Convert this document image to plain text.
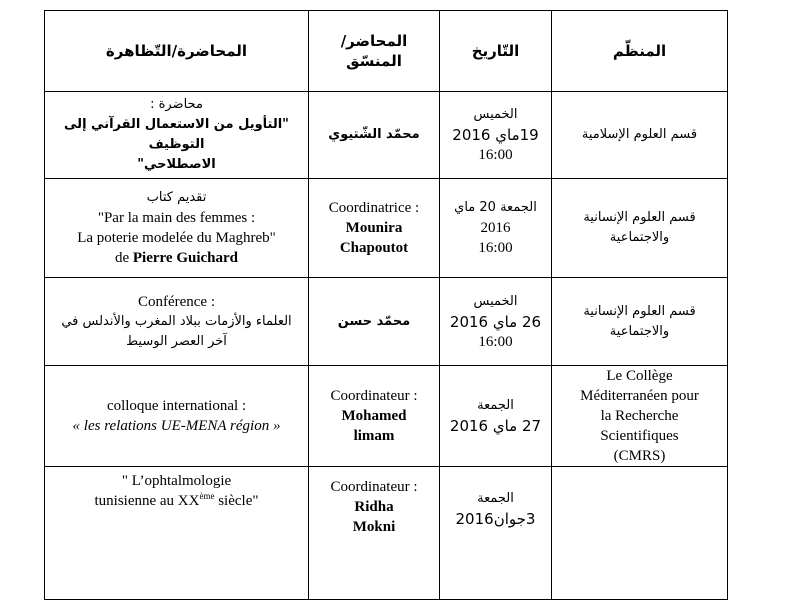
المحاضرة/التّظاهرة	المحاضر/المنسّق	التّاريخ	المنظّم

محاضرة :
"التأويل من الاستعمال القرآني إلى التوظيف
الاصطلاحي"	محمّد الشّتيوي	الخميس
19ماي 2016
16:00	قسم العلوم الإسلامية

تقديم كتاب
"Par la main des femmes :
La poterie modelée du Maghreb"
de Pierre Guichard	Coordinatrice :
Mounira
Chapoutot	الجمعة 20 ماي
2016
16:00	قسم العلوم الإنسانية
والاجتماعية

Conférence :
العلماء والأزمات ببلاد المغرب والأندلس في
آخر العصر الوسيط	محمّد حسن	الخميس
26 ماي 2016
16:00	قسم العلوم الإنسانية
والاجتماعية

colloque international :
« les relations UE-MENA région »	Coordinateur :
Mohamed
limam	الجمعة
27 ماي 2016	Le Collège
Méditerranéen pour
la Recherche
Scientifiques
(CMRS)

" L’ophtalmologie
tunisienne au XXème siècle"	Coordinateur :
Ridha
Mokni	الجمعة
3جوان2016	
